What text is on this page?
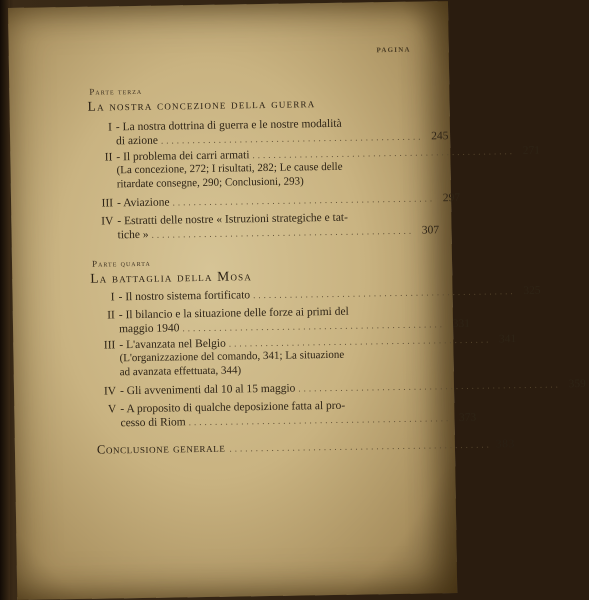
PAGINA
Parte terza
La nostra concezione della guerra
I - La nostra dottrina di guerra e le nostre modalità
di azione .................................................. 245
II - Il problema dei carri armati .................................................. 271
(La concezione, 272; I risultati, 282; Le cause delle
ritardate consegne, 290; Conclusioni, 293)
III - Aviazione .................................................. 297
IV - Estratti delle nostre « Istruzioni strategiche e tat-
tiche » .................................................. 307
Parte quarta
La battaglia della Mosa
I - Il nostro sistema fortificato .................................................. 325
II - Il bilancio e la situazione delle forze ai primi del
maggio 1940 .................................................. 331
III - L'avanzata nel Belgio .................................................. 341
(L'organizzazione del comando, 341; La situazione
ad avanzata effettuata, 344)
IV - Gli avvenimenti dal 10 al 15 maggio .................................................. 359
V - A proposito di qualche deposizione fatta al pro-
cesso di Riom .................................................. 373
Conclusione generale .................................................. 383
